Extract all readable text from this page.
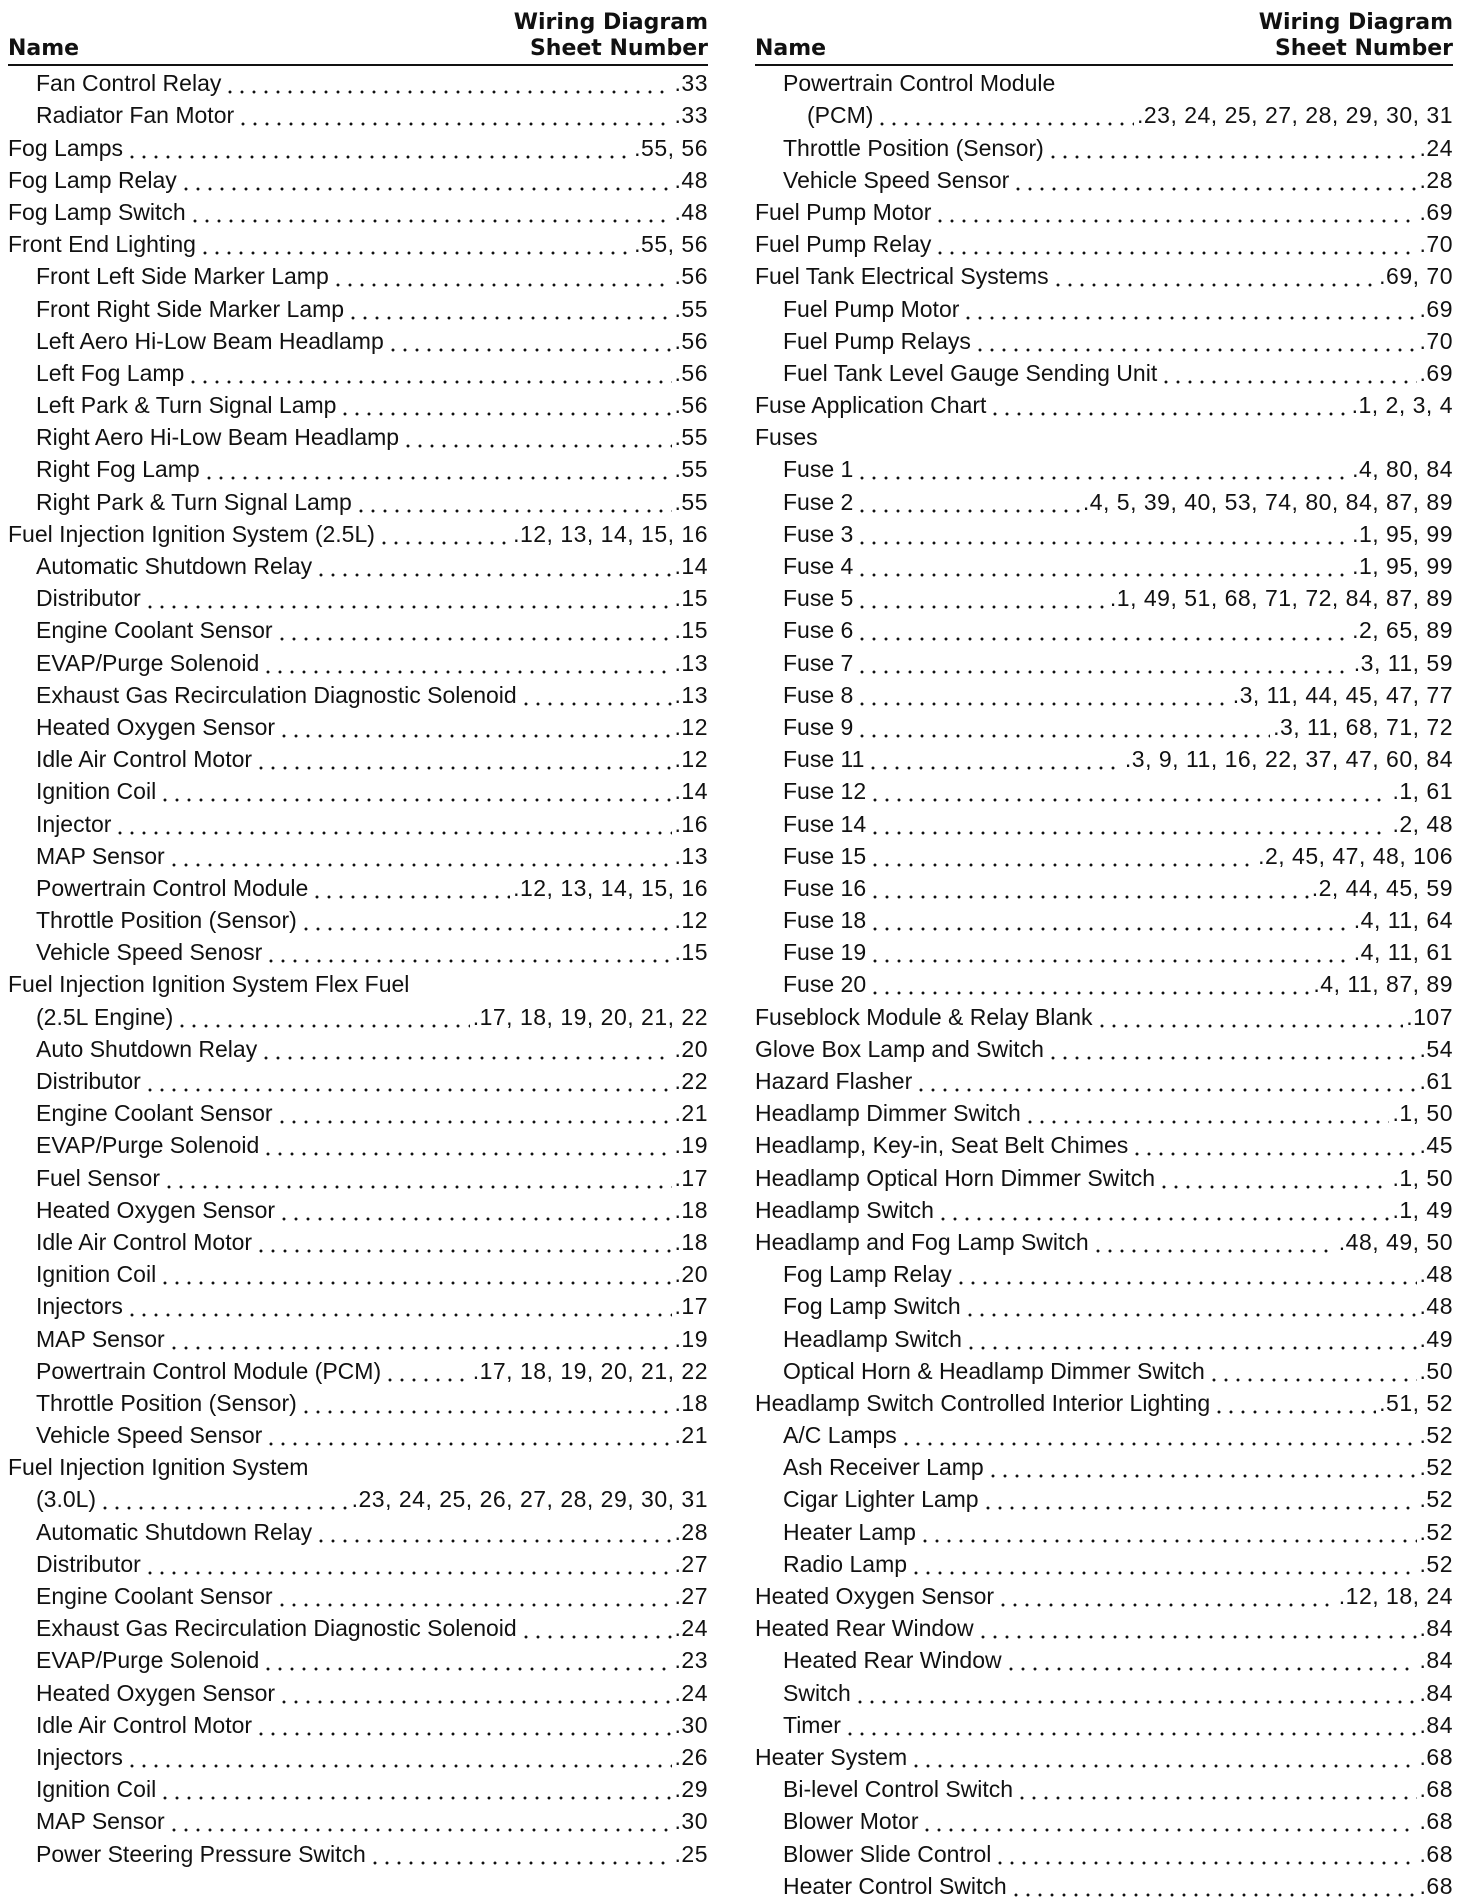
Name
Wiring Diagram
Sheet Number
Fan Control Relay	.33
Radiator Fan Motor	.33
Fog Lamps	.55, 56
Fog Lamp Relay	.48
Fog Lamp Switch	.48
Front End Lighting	.55, 56
Front Left Side Marker Lamp	.56
Front Right Side Marker Lamp	.55
Left Aero Hi-Low Beam Headlamp	.56
Left Fog Lamp	.56
Left Park & Turn Signal Lamp	.56
Right Aero Hi-Low Beam Headlamp	.55
Right Fog Lamp	.55
Right Park & Turn Signal Lamp	.55
Fuel Injection Ignition System (2.5L)	.12, 13, 14, 15, 16
Automatic Shutdown Relay	.14
Distributor	.15
Engine Coolant Sensor	.15
EVAP/Purge Solenoid	.13
Exhaust Gas Recirculation Diagnostic Solenoid	.13
Heated Oxygen Sensor	.12
Idle Air Control Motor	.12
Ignition Coil	.14
Injector	.16
MAP Sensor	.13
Powertrain Control Module	.12, 13, 14, 15, 16
Throttle Position (Sensor)	.12
Vehicle Speed Senosr	.15
Fuel Injection Ignition System Flex Fuel
(2.5L Engine)	.17, 18, 19, 20, 21, 22
Auto Shutdown Relay	.20
Distributor	.22
Engine Coolant Sensor	.21
EVAP/Purge Solenoid	.19
Fuel Sensor	.17
Heated Oxygen Sensor	.18
Idle Air Control Motor	.18
Ignition Coil	.20
Injectors	.17
MAP Sensor	.19
Powertrain Control Module (PCM)	.17, 18, 19, 20, 21, 22
Throttle Position (Sensor)	.18
Vehicle Speed Sensor	.21
Fuel Injection Ignition System
(3.0L)	.23, 24, 25, 26, 27, 28, 29, 30, 31
Automatic Shutdown Relay	.28
Distributor	.27
Engine Coolant Sensor	.27
Exhaust Gas Recirculation Diagnostic Solenoid	.24
EVAP/Purge Solenoid	.23
Heated Oxygen Sensor	.24
Idle Air Control Motor	.30
Injectors	.26
Ignition Coil	.29
MAP Sensor	.30
Power Steering Pressure Switch	.25
Name
Wiring Diagram
Sheet Number
Powertrain Control Module
(PCM)	.23, 24, 25, 27, 28, 29, 30, 31
Throttle Position (Sensor)	.24
Vehicle Speed Sensor	.28
Fuel Pump Motor	.69
Fuel Pump Relay	.70
Fuel Tank Electrical Systems	.69, 70
Fuel Pump Motor	.69
Fuel Pump Relays	.70
Fuel Tank Level Gauge Sending Unit	.69
Fuse Application Chart	.1, 2, 3, 4
Fuses
Fuse 1	.4, 80, 84
Fuse 2	.4, 5, 39, 40, 53, 74, 80, 84, 87, 89
Fuse 3	.1, 95, 99
Fuse 4	.1, 95, 99
Fuse 5	.1, 49, 51, 68, 71, 72, 84, 87, 89
Fuse 6	.2, 65, 89
Fuse 7	.3, 11, 59
Fuse 8	.3, 11, 44, 45, 47, 77
Fuse 9	.3, 11, 68, 71, 72
Fuse 11	.3, 9, 11, 16, 22, 37, 47, 60, 84
Fuse 12	.1, 61
Fuse 14	.2, 48
Fuse 15	.2, 45, 47, 48, 106
Fuse 16	.2, 44, 45, 59
Fuse 18	.4, 11, 64
Fuse 19	.4, 11, 61
Fuse 20	.4, 11, 87, 89
Fuseblock Module & Relay Blank	.107
Glove Box Lamp and Switch	.54
Hazard Flasher	.61
Headlamp Dimmer Switch	.1, 50
Headlamp, Key-in, Seat Belt Chimes	.45
Headlamp Optical Horn Dimmer Switch	.1, 50
Headlamp Switch	.1, 49
Headlamp and Fog Lamp Switch	.48, 49, 50
Fog Lamp Relay	.48
Fog Lamp Switch	.48
Headlamp Switch	.49
Optical Horn & Headlamp Dimmer Switch	.50
Headlamp Switch Controlled Interior Lighting	.51, 52
A/C Lamps	.52
Ash Receiver Lamp	.52
Cigar Lighter Lamp	.52
Heater Lamp	.52
Radio Lamp	.52
Heated Oxygen Sensor	.12, 18, 24
Heated Rear Window	.84
Heated Rear Window	.84
Switch	.84
Timer	.84
Heater System	.68
Bi-level Control Switch	.68
Blower Motor	.68
Blower Slide Control	.68
Heater Control Switch	.68
